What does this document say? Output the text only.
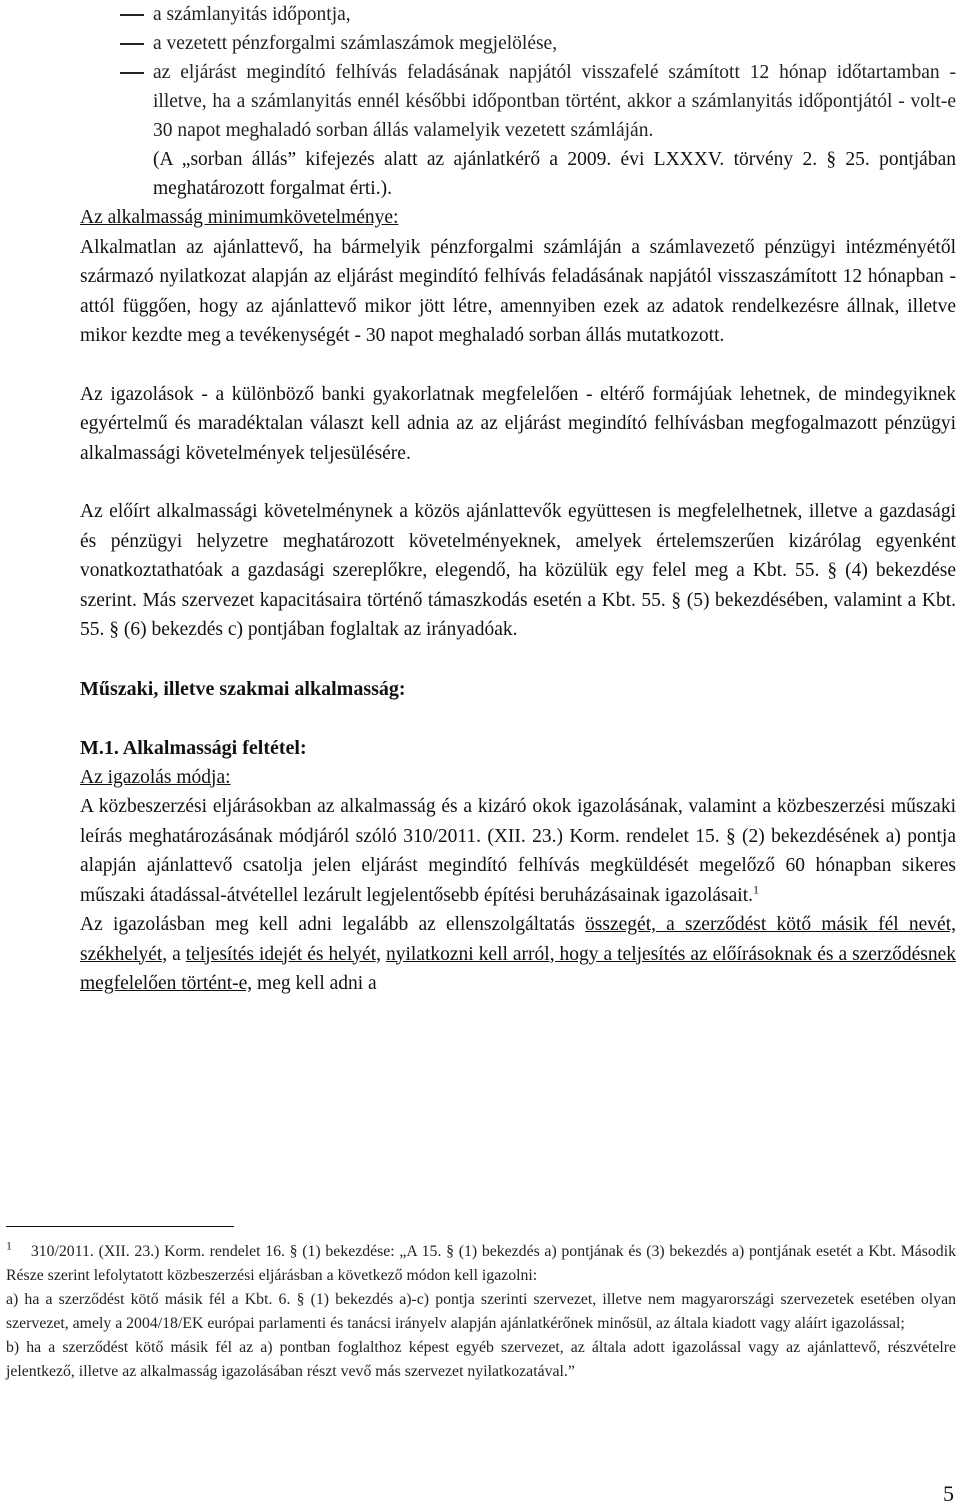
a számlanyitás időpontja,
a vezetett pénzforgalmi számlaszámok megjelölése,
az eljárást megindító felhívás feladásának napjától visszafelé számított 12 hónap időtartamban - illetve, ha a számlanyitás ennél későbbi időpontban történt, akkor a számlanyitás időpontjától - volt-e 30 napot meghaladó sorban állás valamelyik vezetett számláján.

(A „sorban állás” kifejezés alatt az ajánlatkérő a 2009. évi LXXXV. törvény 2. § 25. pontjában meghatározott forgalmat érti.).

Az alkalmasság minimumkövetelménye:

Alkalmatlan az ajánlattevő, ha bármelyik pénzforgalmi számláján a számlavezető pénzügyi intézményétől származó nyilatkozat alapján az eljárást megindító felhívás feladásának napjától visszaszámított 12 hónapban - attól függően, hogy az ajánlattevő mikor jött létre, amennyiben ezek az adatok rendelkezésre állnak, illetve mikor kezdte meg a tevékenységét - 30 napot meghaladó sorban állás mutatkozott.

Az igazolások - a különböző banki gyakorlatnak megfelelően - eltérő formájúak lehetnek, de mindegyiknek egyértelmű és maradéktalan választ kell adnia az az eljárást megindító felhívásban megfogalmazott pénzügyi alkalmassági követelmények teljesülésére.

Az előírt alkalmassági követelménynek a közös ajánlattevők együttesen is megfelelhetnek, illetve a gazdasági és pénzügyi helyzetre meghatározott követelményeknek, amelyek értelemszerűen kizárólag egyenként vonatkoztathatóak a gazdasági szereplőkre, elegendő, ha közülük egy felel meg a Kbt. 55. § (4) bekezdése szerint. Más szervezet kapacitásaira történő támaszkodás esetén a Kbt. 55. § (5) bekezdésében, valamint a Kbt. 55. § (6) bekezdés c) pontjában foglaltak az irányadóak.

Műszaki, illetve szakmai alkalmasság:

M.1. Alkalmassági feltétel:

Az igazolás módja:

A közbeszerzési eljárásokban az alkalmasság és a kizáró okok igazolásának, valamint a közbeszerzési műszaki leírás meghatározásának módjáról szóló 310/2011. (XII. 23.) Korm. rendelet 15. § (2) bekezdésének a) pontja alapján ajánlattevő csatolja jelen eljárást megindító felhívás megküldését megelőző 60 hónapban sikeres műszaki átadással-átvétellel lezárult legjelentősebb építési beruházásainak igazolásait.$^1$

Az igazolásban meg kell adni legalább az ellenszolgáltatás összegét, a szerződést kötő másik fél nevét, székhelyét, a teljesítés idejét és helyét, nyilatkozni kell arról, hogy a teljesítés az előírásoknak és a szerződésnek megfelelően történt-e, meg kell adni a

$^1$ 310/2011. (XII. 23.) Korm. rendelet 16. § (1) bekezdése: „A 15. § (1) bekezdés a) pontjának és (3) bekezdés a) pontjának esetét a Kbt. Második Része szerint lefolytatott közbeszerzési eljárásban a következő módon kell igazolni:

a) ha a szerződést kötő másik fél a Kbt. 6. § (1) bekezdés a)-c) pontja szerinti szervezet, illetve nem magyarországi szervezetek esetében olyan szervezet, amely a 2004/18/EK európai parlamenti és tanácsi irányelv alapján ajánlatkérőnek minősül, az általa kiadott vagy aláírt igazolással;

b) ha a szerződést kötő másik fél az a) pontban foglalthoz képest egyéb szervezet, az általa adott igazolással vagy az ajánlattevő, részvételre jelentkező, illetve az alkalmasság igazolásában részt vevő más szervezet nyilatkozatával.”

5
